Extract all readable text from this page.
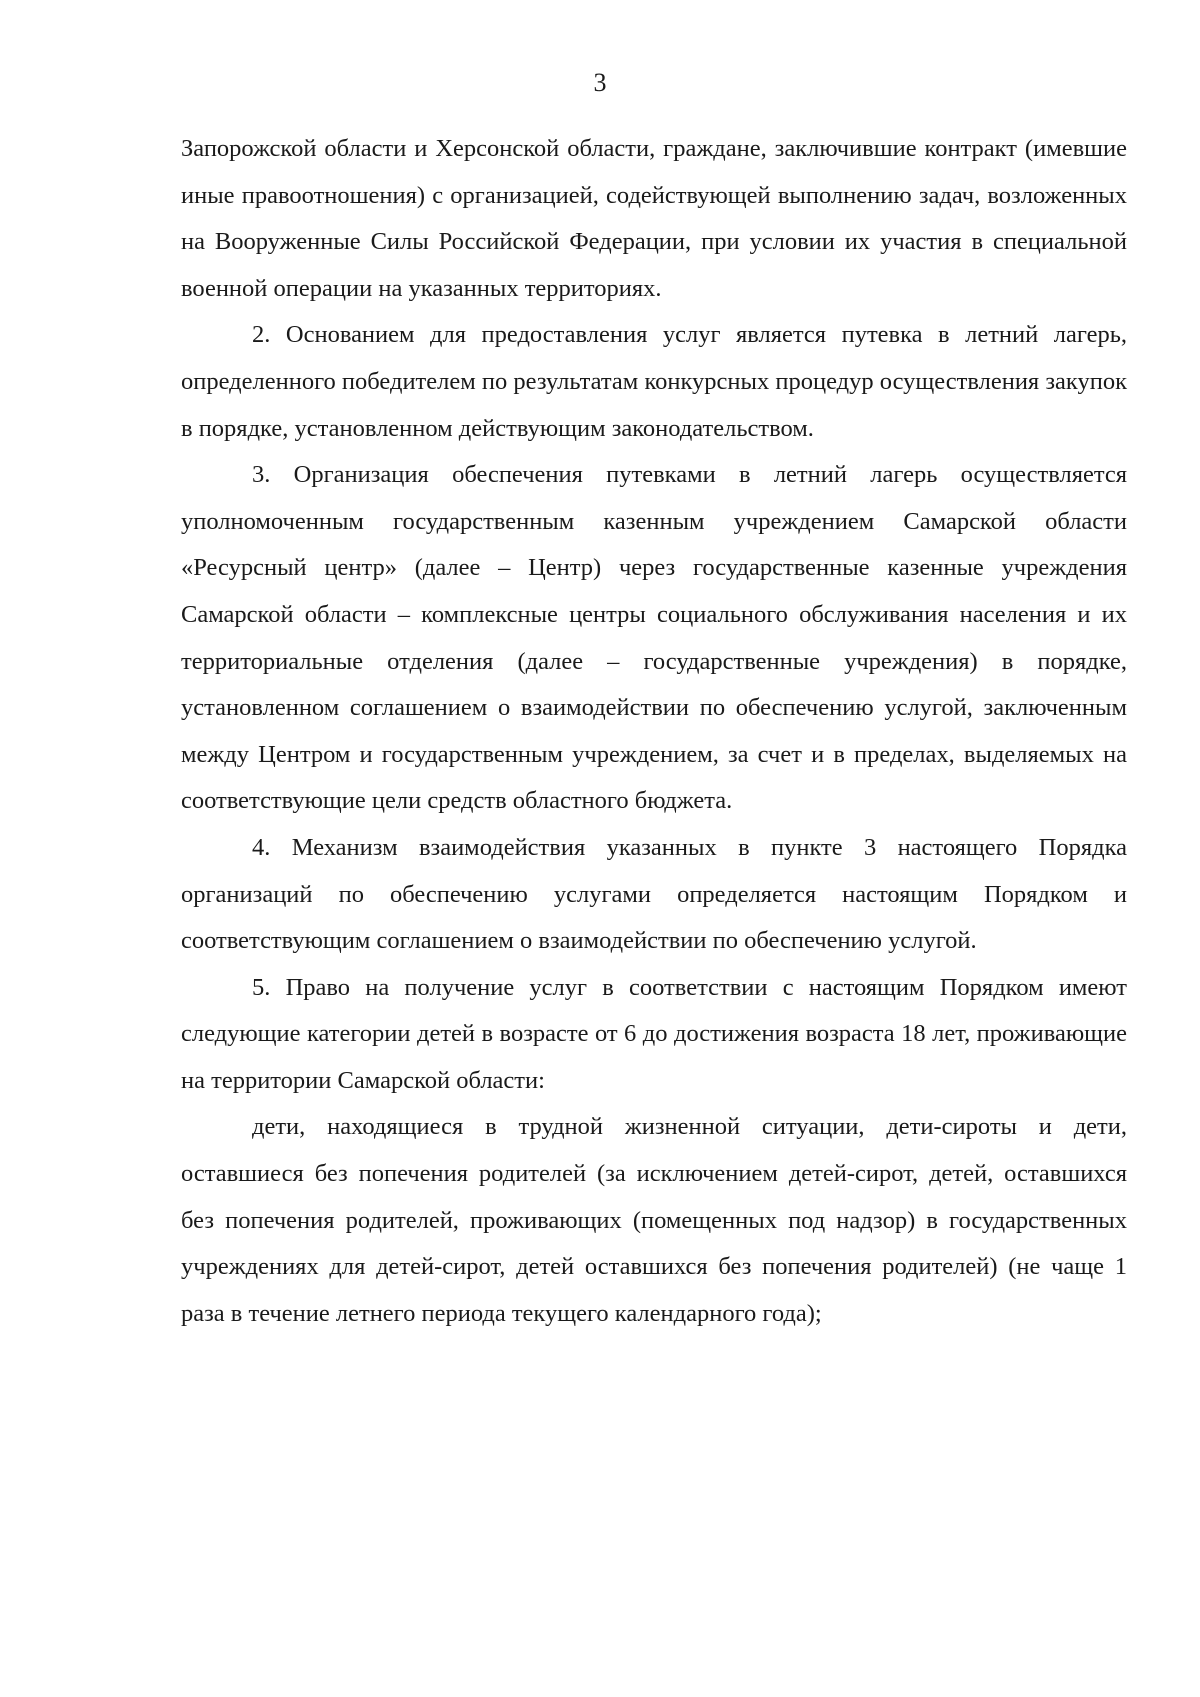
3

Запорожской области и Херсонской области, граждане, заключившие контракт (имевшие иные правоотношения) с организацией, содействующей выполнению задач, возложенных на Вооруженные Силы Российской Федерации, при условии их участия в специальной военной операции на указанных территориях.

2. Основанием для предоставления услуг является путевка в летний лагерь, определенного победителем по результатам конкурсных процедур осуществления закупок в порядке, установленном действующим законодательством.

3. Организация обеспечения путевками в летний лагерь осуществляется уполномоченным государственным казенным учреждением Самарской области «Ресурсный центр» (далее – Центр) через государственные казенные учреждения Самарской области – комплексные центры социального обслуживания населения и их территориальные отделения (далее – государственные учреждения) в порядке, установленном соглашением о взаимодействии по обеспечению услугой, заключенным между Центром и государственным учреждением, за счет и в пределах, выделяемых на соответствующие цели средств областного бюджета.

4. Механизм взаимодействия указанных в пункте 3 настоящего Порядка организаций по обеспечению услугами определяется настоящим Порядком и соответствующим соглашением о взаимодействии по обеспечению услугой.

5. Право на получение услуг в соответствии с настоящим Порядком имеют следующие категории детей в возрасте от 6 до достижения возраста 18 лет, проживающие на территории Самарской области:

дети, находящиеся в трудной жизненной ситуации, дети-сироты и дети, оставшиеся без попечения родителей (за исключением детей-сирот, детей, оставшихся без попечения родителей, проживающих (помещенных под надзор) в государственных учреждениях для детей-сирот, детей оставшихся без попечения родителей) (не чаще 1 раза в течение летнего периода текущего календарного года);
